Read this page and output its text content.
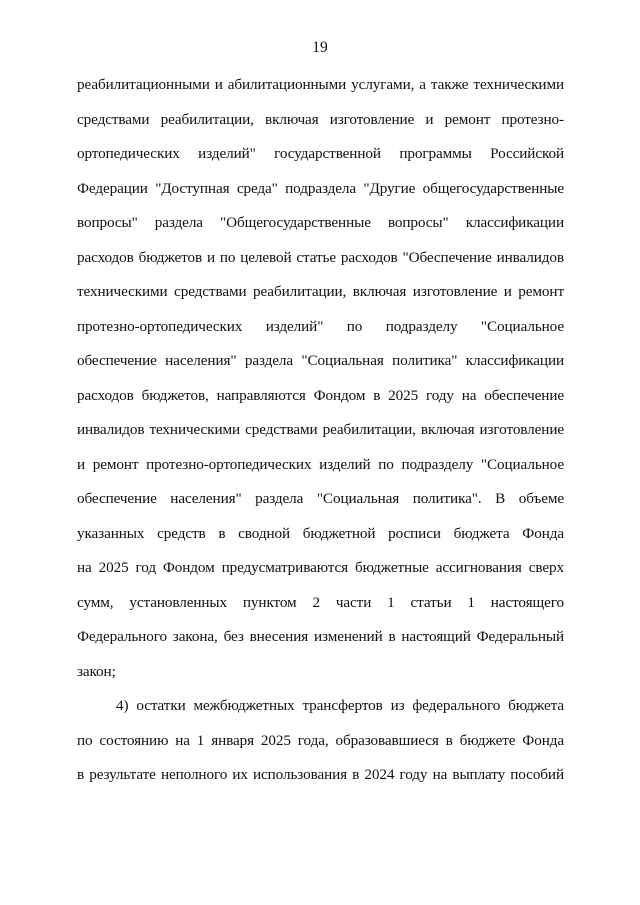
19
реабилитационными и абилитационными услугами, а также техническими
средствами реабилитации, включая изготовление и ремонт протезно-
ортопедических изделий" государственной программы Российской
Федерации "Доступная среда" подраздела "Другие общегосударственные
вопросы" раздела "Общегосударственные вопросы" классификации
расходов бюджетов и по целевой статье расходов "Обеспечение инвалидов
техническими средствами реабилитации, включая изготовление и ремонт
протезно-ортопедических изделий" по подразделу "Социальное
обеспечение населения" раздела "Социальная политика" классификации
расходов бюджетов, направляются Фондом в 2025 году на обеспечение
инвалидов техническими средствами реабилитации, включая изготовление
и ремонт протезно-ортопедических изделий по подразделу "Социальное
обеспечение населения" раздела "Социальная политика". В объеме
указанных средств в сводной бюджетной росписи бюджета Фонда
на 2025 год Фондом предусматриваются бюджетные ассигнования сверх
сумм, установленных пунктом 2 части 1 статьи 1 настоящего
Федерального закона, без внесения изменений в настоящий Федеральный
закон;
4) остатки межбюджетных трансфертов из федерального бюджета
по состоянию на 1 января 2025 года, образовавшиеся в бюджете Фонда
в результате неполного их использования в 2024 году на выплату пособий
